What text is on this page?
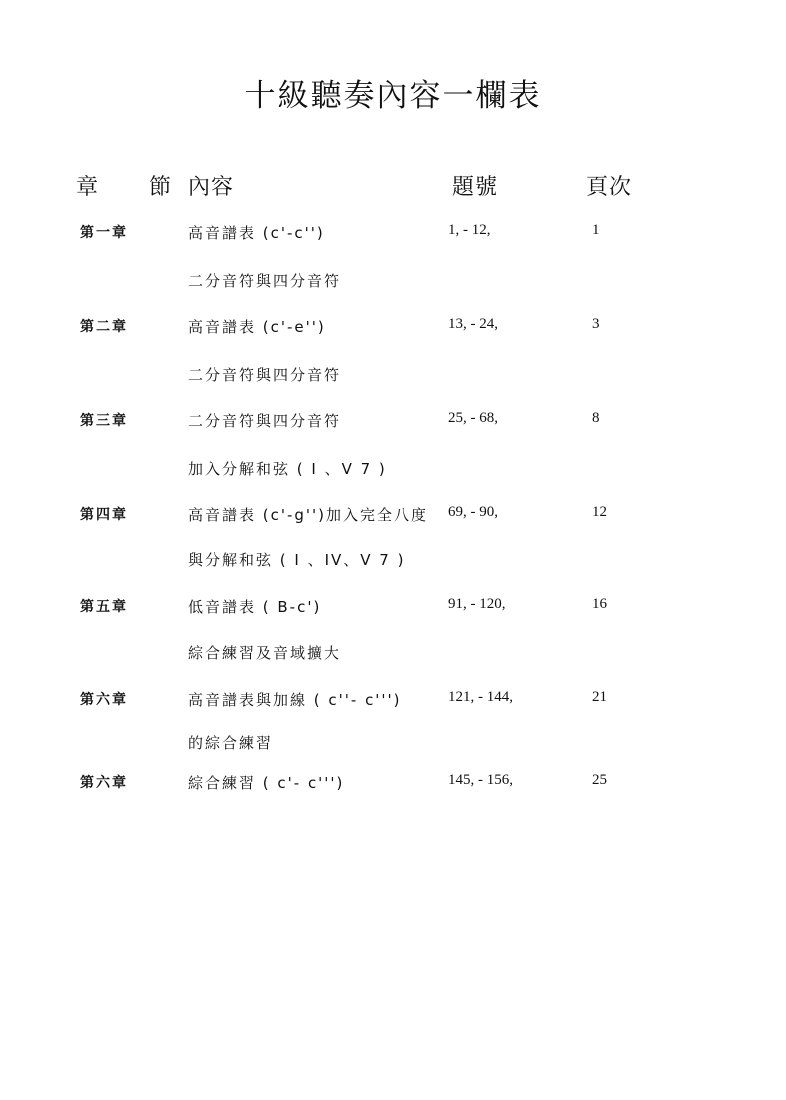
十級聽奏內容一欄表
章 節
內容	題號	頁次
第一章	高音譜表 (c'-c'')	1, - 12,	1
二分音符與四分音符
第二章	高音譜表 (c'-e'')	13, - 24,	3
二分音符與四分音符
第三章	二分音符與四分音符	25, - 68,	8
加入分解和弦 ( I 、V 7 )
第四章	高音譜表 (c'-g'')加入完全八度 69, - 90,	12
與分解和弦 ( I 、IV、V 7 )
第五章	低音譜表 ( B-c')	91, - 120,	16
綜合練習及音域擴大
第六章	高音譜表與加線 ( c''- c''')	121, - 144,	21
的綜合練習
第六章	綜合練習 ( c'- c''')	145, - 156,	25
